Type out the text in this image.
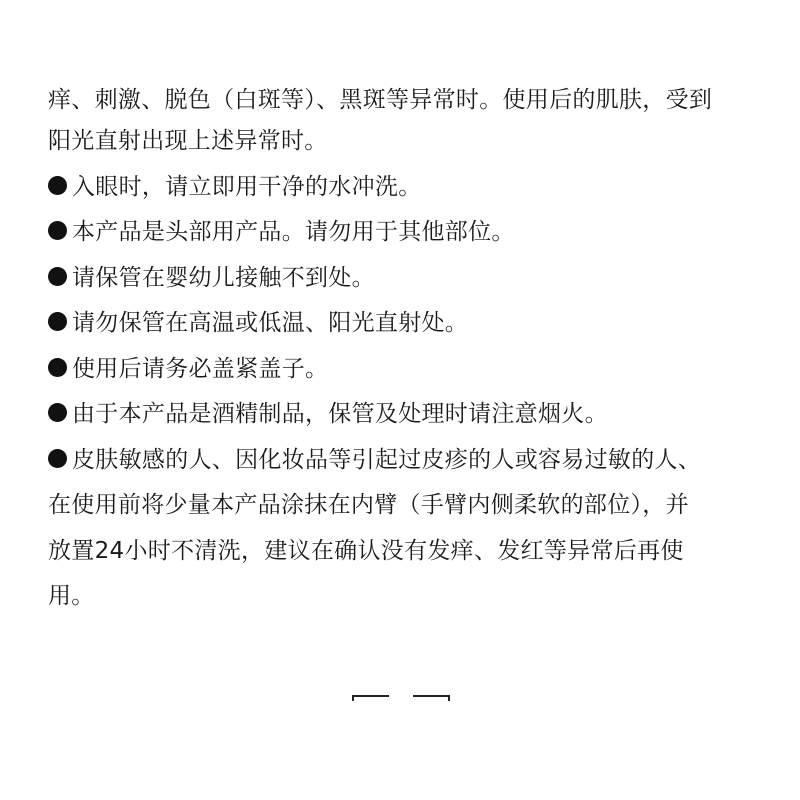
痒、刺激、脱色（白斑等）、黑斑等异常时。使用后的肌肤，受到
阳光直射出现上述异常时。
入眼时，请立即用干净的水冲洗。
本产品是头部用产品。请勿用于其他部位。
请保管在婴幼儿接触不到处。
请勿保管在高温或低温、阳光直射处。
使用后请务必盖紧盖子。
由于本产品是酒精制品，保管及处理时请注意烟火。
皮肤敏感的人、因化妆品等引起过皮疹的人或容易过敏的人、
在使用前将少量本产品涂抹在内臂（手臂内侧柔软的部位），并
放置24小时不清洗，建议在确认没有发痒、发红等异常后再使
用。
